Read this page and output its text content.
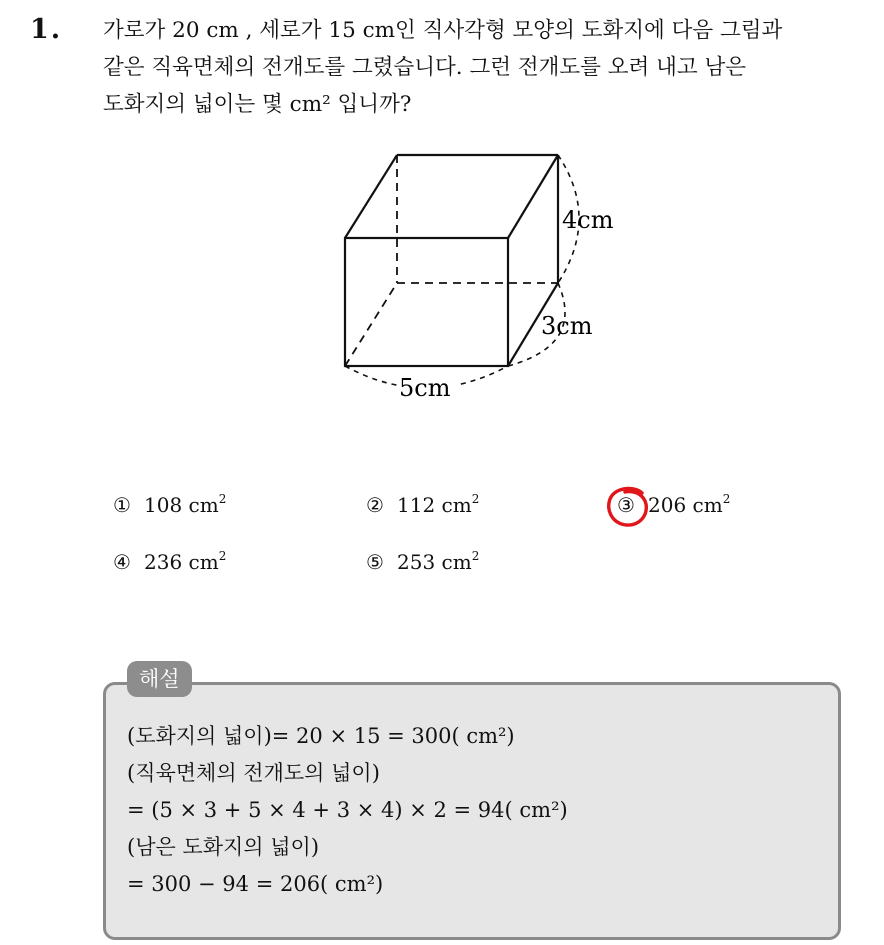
1. 가로가 20 cm , 세로가 15 cm인 직사각형 모양의 도화지에 다음 그림과
같은 직육면체의 전개도를 그렸습니다. 그런 전개도를 오려 내고 남은
도화지의 넓이는 몇 cm² 입니까?
4cm
3cm
5cm
① 108 $cm^2$	② 112 $cm^2$	③ 206 $cm^2$
④ 236 $cm^2$	⑤ 253 $cm^2$
해설
(도화지의 넓이)= 20 × 15 = 300( cm²)
(직육면체의 전개도의 넓이)
= (5 × 3 + 5 × 4 + 3 × 4) × 2 = 94( cm²)
(남은 도화지의 넓이)
= 300 − 94 = 206( cm²)
